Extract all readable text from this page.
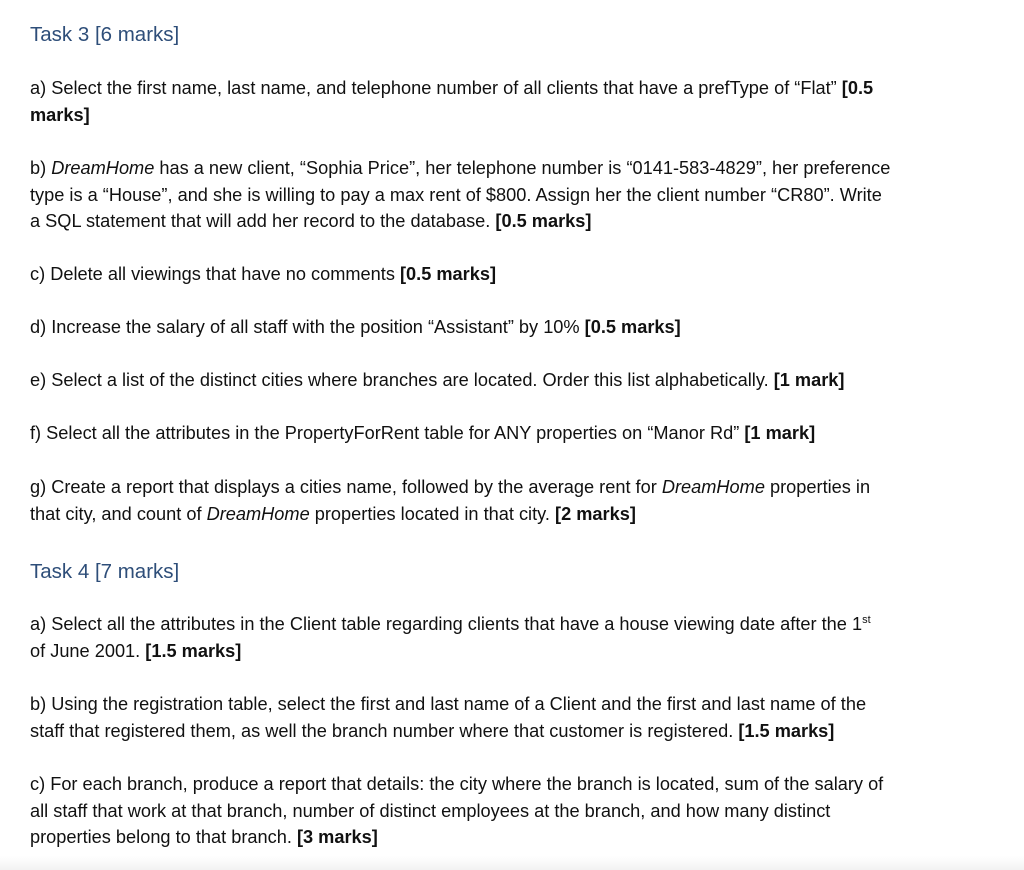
Task 3 [6 marks]

a) Select the first name, last name, and telephone number of all clients that have a prefType of “Flat” [0.5
marks]

b) DreamHome has a new client, “Sophia Price”, her telephone number is “0141-583-4829”, her preference
type is a “House”, and she is willing to pay a max rent of $800. Assign her the client number “CR80”. Write
a SQL statement that will add her record to the database. [0.5 marks]

c) Delete all viewings that have no comments [0.5 marks]

d) Increase the salary of all staff with the position “Assistant” by 10% [0.5 marks]

e) Select a list of the distinct cities where branches are located. Order this list alphabetically. [1 mark]

f) Select all the attributes in the PropertyForRent table for ANY properties on “Manor Rd” [1 mark]

g) Create a report that displays a cities name, followed by the average rent for DreamHome properties in
that city, and count of DreamHome properties located in that city. [2 marks]

Task 4 [7 marks]

a) Select all the attributes in the Client table regarding clients that have a house viewing date after the 1st
of June 2001. [1.5 marks]

b) Using the registration table, select the first and last name of a Client and the first and last name of the
staff that registered them, as well the branch number where that customer is registered. [1.5 marks]

c) For each branch, produce a report that details: the city where the branch is located, sum of the salary of
all staff that work at that branch, number of distinct employees at the branch, and how many distinct
properties belong to that branch. [3 marks]
